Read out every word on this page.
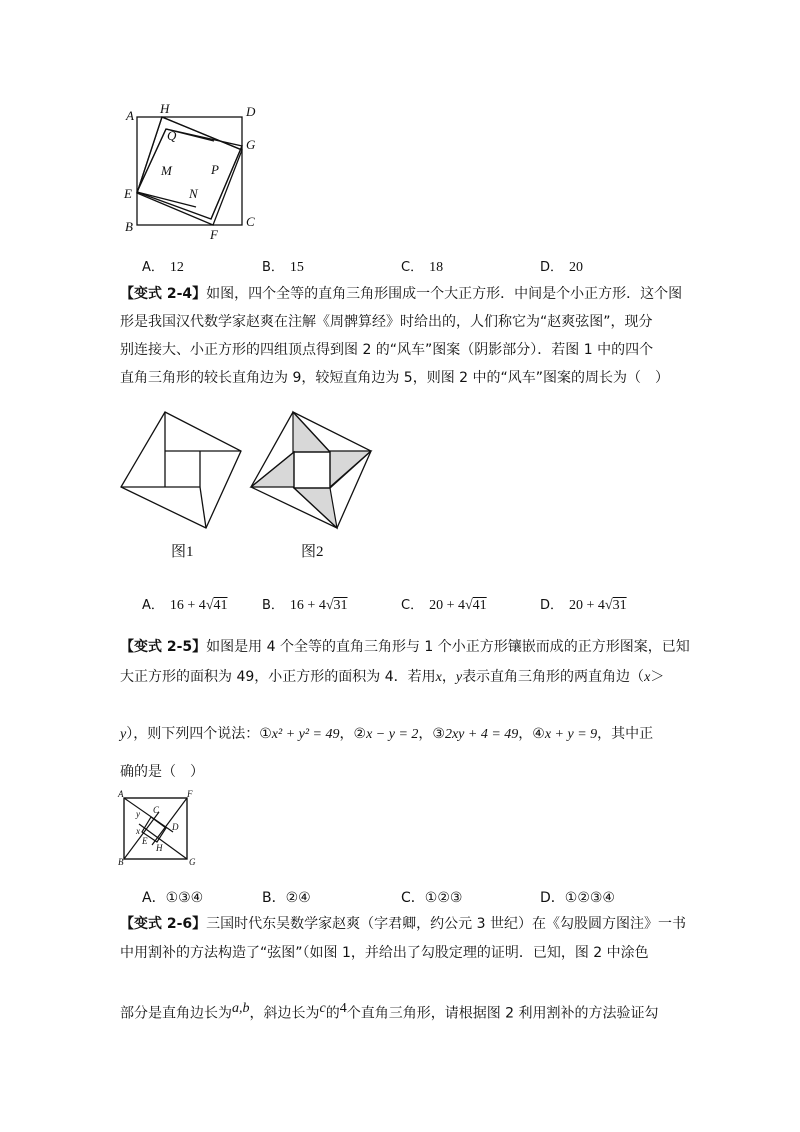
A H	D
Q
G
M	P
E	N
B
F
C
A． 12	B． 15	C． 18	D． 20
【变式 2-4】如图，四个全等的直角三角形围成一个大正方形．中间是个小正方形．这个图
形是我国汉代数学家赵爽在注解《周髀算经》时给出的，人们称它为“赵爽弦图”，现分
别连接大、小正方形的四组顶点得到图 2 的“风车”图案（阴影部分）．若图 1 中的四个
直角三角形的较长直角边为 9，较短直角边为 5，则图 2 中的“风车”图案的周长为（　）
图1	图2
A． 16 + 4√41	B． 16 + 4√31	C． 20 + 4√41	D． 20 + 4√31
【变式 2-5】如图是用 4 个全等的直角三角形与 1 个小正方形镶嵌而成的正方形图案，已知
大正方形的面积为 49，小正方形的面积为 4．若用x，y表示直角三角形的两直角边（x＞
y），则下列四个说法：①x² + y² = 49，②x − y = 2，③2xy + 4 = 49，④x + y = 9，其中正
确的是（　）
A	F
y C
x	D
E
H
B	G
A．①③④	B．②④	C．①②③	D．①②③④
【变式 2-6】三国时代东吴数学家赵爽（字君卿，约公元 3 世纪）在《勾股圆方图注》一书
中用割补的方法构造了“弦图”（如图 1，并给出了勾股定理的证明．已知，图 2 中涂色
部分是直角边长为$^{a,b}$，斜边长为$^c$的$^4$个直角三角形，请根据图 2 利用割补的方法验证勾
